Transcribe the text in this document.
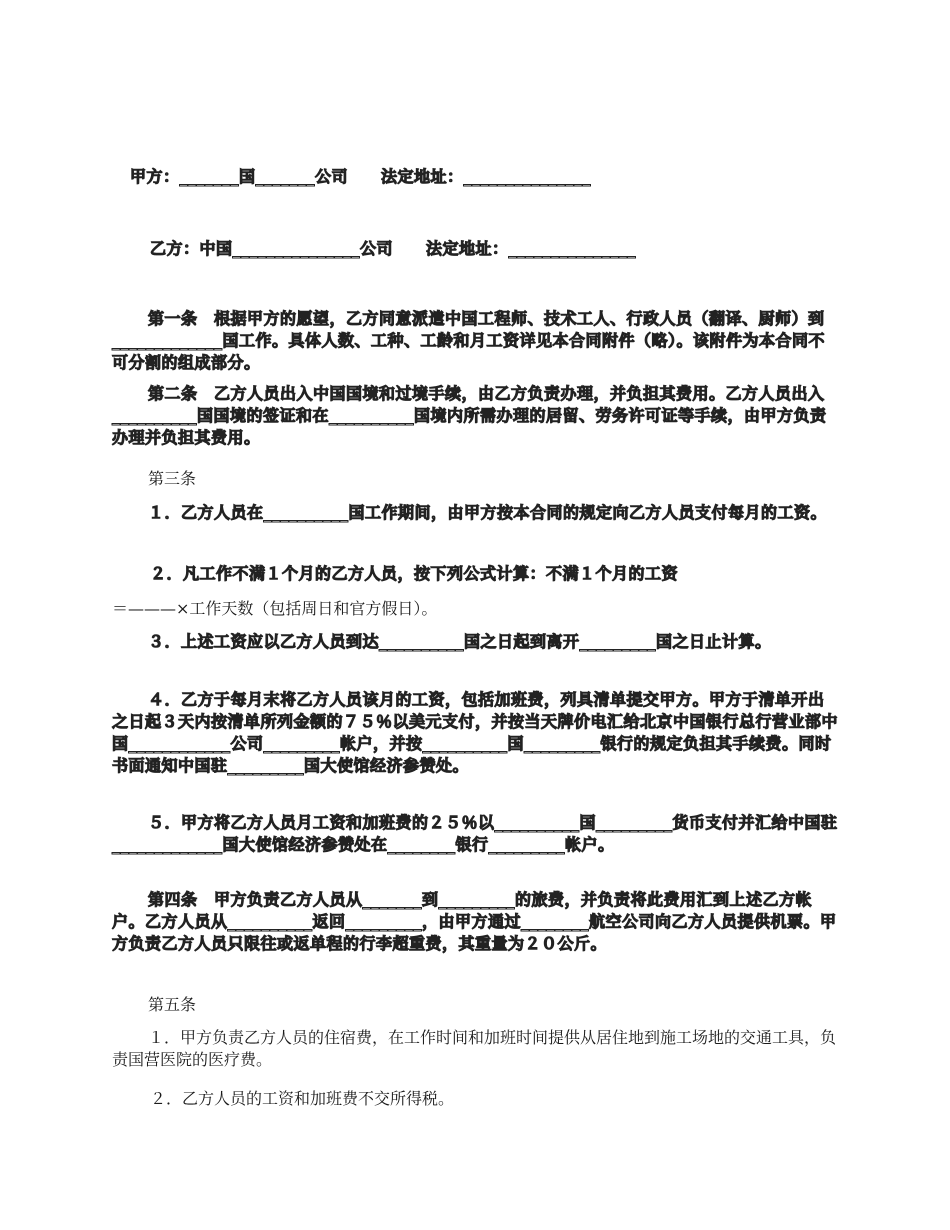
甲方：_______国_______公司　　法定地址：_______________
乙方：中国_______________公司　　法定地址：_______________

第一条　根据甲方的愿望，乙方同意派遣中国工程师、技术工人、行政人员（翻译、厨师）到_____________国工作。具体人数、工种、工龄和月工资详见本合同附件（略）。该附件为本合同不可分割的组成部分。

第二条　乙方人员出入中国国境和过境手续，由乙方负责办理，并负担其费用。乙方人员出入__________国国境的签证和在__________国境内所需办理的居留、劳务许可证等手续，由甲方负责办理并负担其费用。

第三条

１．乙方人员在__________国工作期间，由甲方按本合同的规定向乙方人员支付每月的工资。

２．凡工作不满１个月的乙方人员，按下列公式计算：不满１个月的工资
＝———×工作天数（包括周日和官方假日）。

３．上述工资应以乙方人员到达__________国之日起到离开_________国之日止计算。

４．乙方于每月末将乙方人员该月的工资，包括加班费，列具清单提交甲方。甲方于清单开出之日起３天内按清单所列金额的７５％以美元支付，并按当天牌价电汇给北京中国银行总行营业部中国____________公司_________帐户，并按__________国_________银行的规定负担其手续费。同时书面通知中国驻_________国大使馆经济参赞处。

５．甲方将乙方人员月工资和加班费的２５％以__________国_________货币支付并汇给中国驻_____________国大使馆经济参赞处在________银行_________帐户。

第四条　甲方负责乙方人员从_______到_________的旅费，并负责将此费用汇到上述乙方帐户。乙方人员从__________返回_________，由甲方通过________航空公司向乙方人员提供机票。甲方负责乙方人员只限往或返单程的行李超重费，其重量为２０公斤。

第五条

１．甲方负责乙方人员的住宿费，在工作时间和加班时间提供从居住地到施工场地的交通工具，负责国营医院的医疗费。

２．乙方人员的工资和加班费不交所得税。
